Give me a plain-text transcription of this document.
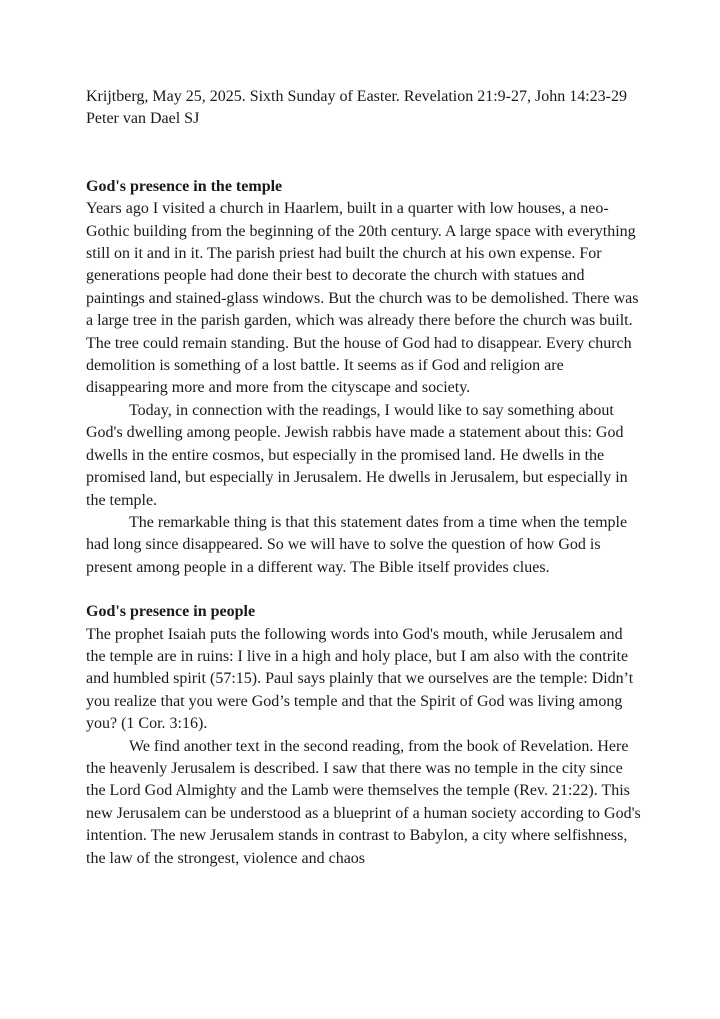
Krijtberg, May 25, 2025. Sixth Sunday of Easter. Revelation 21:9-27, John 14:23-29

Peter van Dael SJ

God's presence in the temple

Years ago I visited a church in Haarlem, built in a quarter with low houses, a neo-Gothic building from the beginning of the 20th century. A large space with everything still on it and in it. The parish priest had built the church at his own expense. For generations people had done their best to decorate the church with statues and paintings and stained-glass windows. But the church was to be demolished. There was a large tree in the parish garden, which was already there before the church was built. The tree could remain standing. But the house of God had to disappear. Every church demolition is something of a lost battle. It seems as if God and religion are disappearing more and more from the cityscape and society.

Today, in connection with the readings, I would like to say something about God's dwelling among people. Jewish rabbis have made a statement about this: God dwells in the entire cosmos, but especially in the promised land. He dwells in the promised land, but especially in Jerusalem. He dwells in Jerusalem, but especially in the temple.

The remarkable thing is that this statement dates from a time when the temple had long since disappeared. So we will have to solve the question of how God is present among people in a different way. The Bible itself provides clues.

God's presence in people

The prophet Isaiah puts the following words into God's mouth, while Jerusalem and the temple are in ruins: I live in a high and holy place, but I am also with the contrite and humbled spirit (57:15). Paul says plainly that we ourselves are the temple: Didn’t you realize that you were God’s temple and that the Spirit of God was living among you? (1 Cor. 3:16).

We find another text in the second reading, from the book of Revelation. Here the heavenly Jerusalem is described. I saw that there was no temple in the city since the Lord God Almighty and the Lamb were themselves the temple (Rev. 21:22). This new Jerusalem can be understood as a blueprint of a human society according to God's intention. The new Jerusalem stands in contrast to Babylon, a city where selfishness, the law of the strongest, violence and chaos
